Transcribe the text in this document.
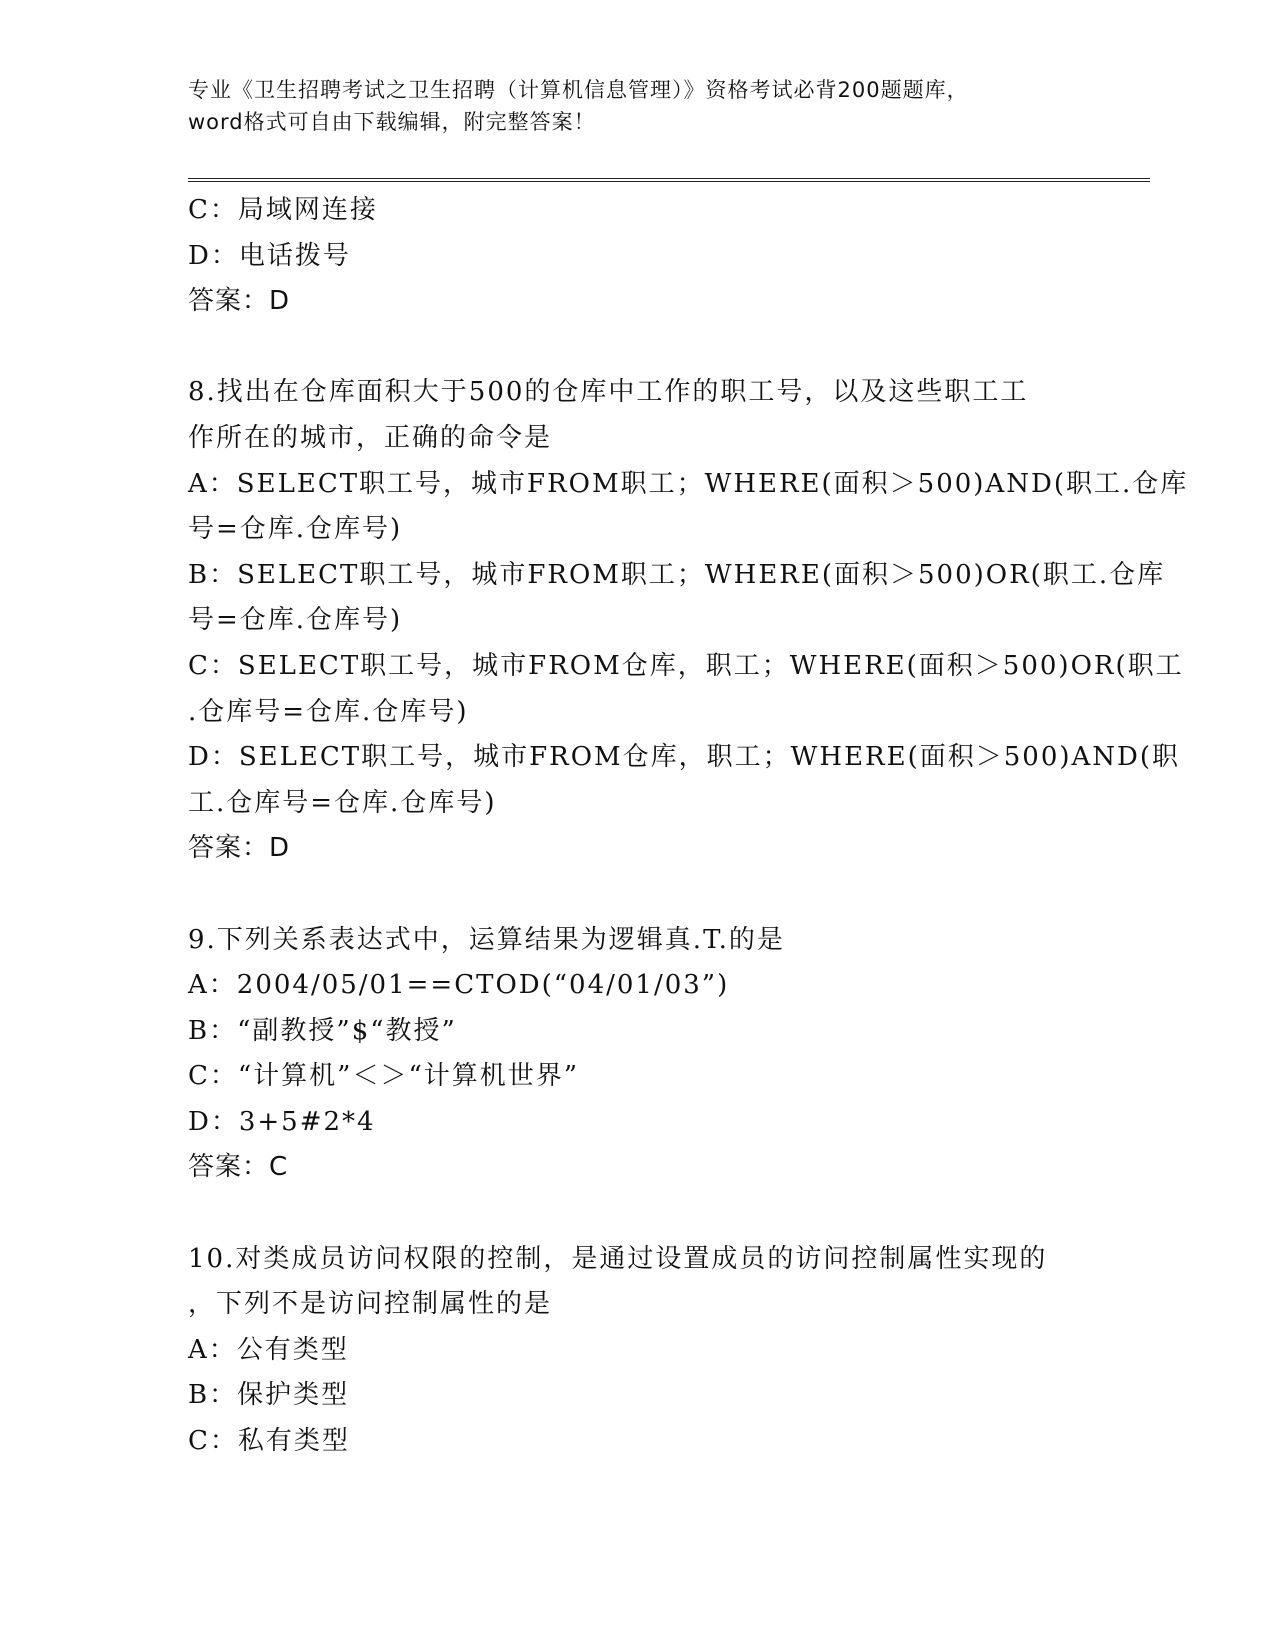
专业《卫生招聘考试之卫生招聘（计算机信息管理）》资格考试必背200题题库，
word格式可自由下载编辑，附完整答案！
C：局域网连接
D：电话拨号
答案：D
8.找出在仓库面积大于500的仓库中工作的职工号，以及这些职工工
作所在的城市，正确的命令是
A：SELECT职工号，城市FROM职工；WHERE(面积＞500)AND(职工.仓库
号=仓库.仓库号)
B：SELECT职工号，城市FROM职工；WHERE(面积＞500)OR(职工.仓库
号=仓库.仓库号)
C：SELECT职工号，城市FROM仓库，职工；WHERE(面积＞500)OR(职工
.仓库号=仓库.仓库号)
D：SELECT职工号，城市FROM仓库，职工；WHERE(面积＞500)AND(职
工.仓库号=仓库.仓库号)
答案：D
9.下列关系表达式中，运算结果为逻辑真.T.的是
A：2004/05/01==CTOD(“04/01/03”)
B：“副教授”$“教授”
C：“计算机”＜＞“计算机世界”
D：3+5#2*4
答案：C
10.对类成员访问权限的控制，是通过设置成员的访问控制属性实现的
，下列不是访问控制属性的是
A：公有类型
B：保护类型
C：私有类型
